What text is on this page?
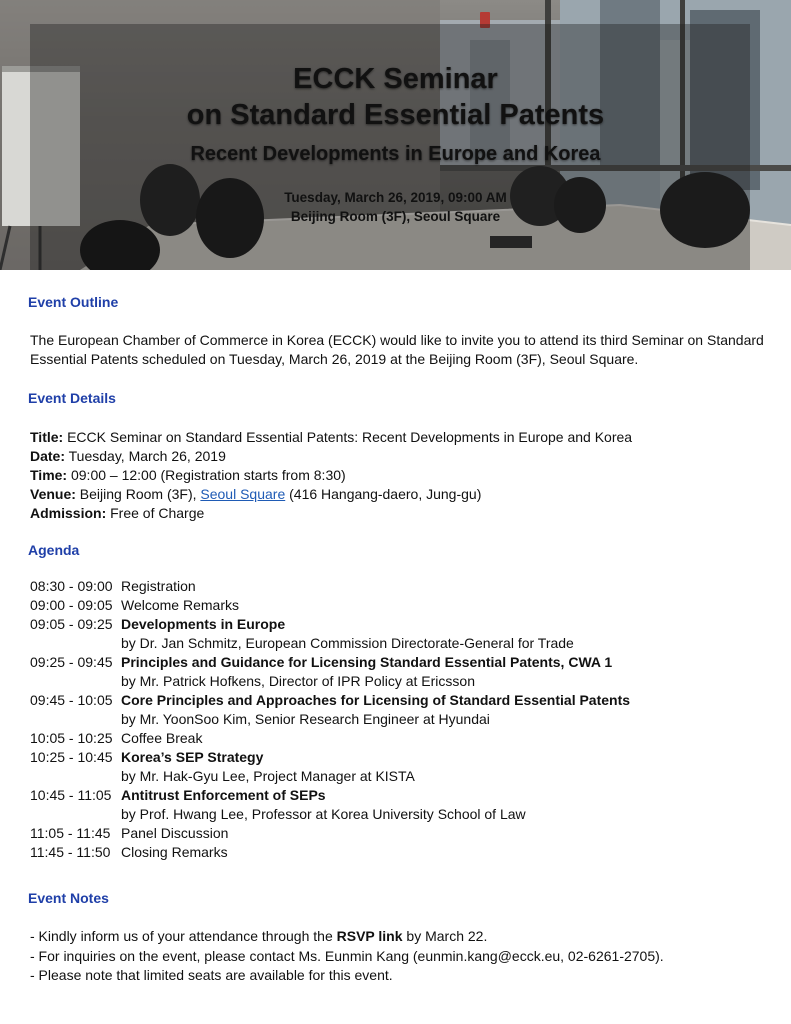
ECCK Seminar
on Standard Essential Patents
Recent Developments in Europe and Korea
Tuesday, March 26, 2019, 09:00 AM
Beijing Room (3F), Seoul Square
Event Outline
The European Chamber of Commerce in Korea (ECCK) would like to invite you to attend its third Seminar on Standard Essential Patents scheduled on Tuesday, March 26, 2019 at the Beijing Room (3F), Seoul Square.
Event Details
Title: ECCK Seminar on Standard Essential Patents: Recent Developments in Europe and Korea
Date: Tuesday, March 26, 2019
Time: 09:00 – 12:00 (Registration starts from 8:30)
Venue: Beijing Room (3F), Seoul Square (416 Hangang-daero, Jung-gu)
Admission: Free of Charge
Agenda
08:30 - 09:00 Registration
09:00 - 09:05 Welcome Remarks
09:05 - 09:25 Developments in Europe
by Dr. Jan Schmitz, European Commission Directorate-General for Trade
09:25 - 09:45 Principles and Guidance for Licensing Standard Essential Patents, CWA 1
by Mr. Patrick Hofkens, Director of IPR Policy at Ericsson
09:45 - 10:05 Core Principles and Approaches for Licensing of Standard Essential Patents
by Mr. YoonSoo Kim, Senior Research Engineer at Hyundai
10:05 - 10:25 Coffee Break
10:25 - 10:45 Korea’s SEP Strategy
by Mr. Hak-Gyu Lee, Project Manager at KISTA
10:45 - 11:05 Antitrust Enforcement of SEPs
by Prof. Hwang Lee, Professor at Korea University School of Law
11:05 - 11:45 Panel Discussion
11:45 - 11:50 Closing Remarks
Event Notes
- Kindly inform us of your attendance through the RSVP link by March 22.
- For inquiries on the event, please contact Ms. Eunmin Kang (eunmin.kang@ecck.eu, 02-6261-2705).
- Please note that limited seats are available for this event.
